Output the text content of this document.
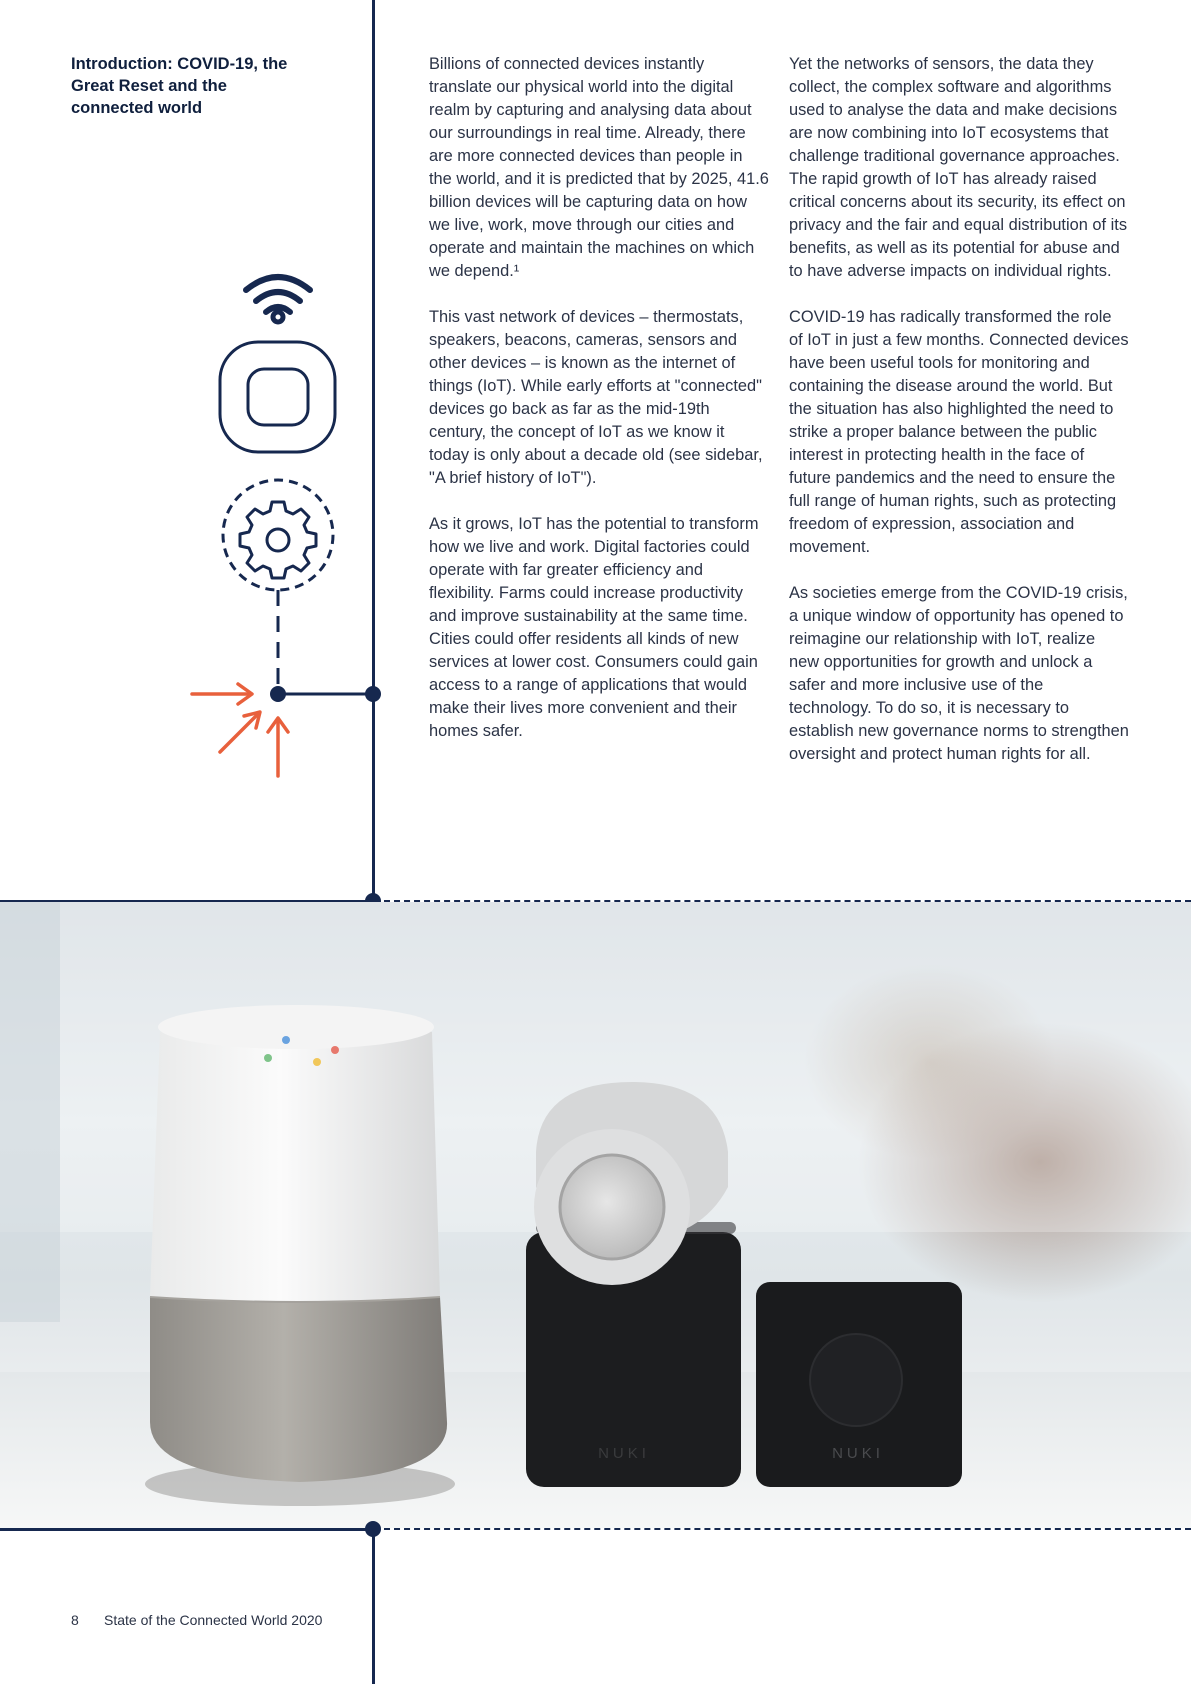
Introduction: COVID-19, the Great Reset and the connected world

Billions of connected devices instantly translate our physical world into the digital realm by capturing and analysing data about our surroundings in real time. Already, there are more connected devices than people in the world, and it is predicted that by 2025, 41.6 billion devices will be capturing data on how we live, work, move through our cities and operate and maintain the machines on which we depend.¹

This vast network of devices – thermostats, speakers, beacons, cameras, sensors and other devices – is known as the internet of things (IoT). While early efforts at "connected" devices go back as far as the mid-19th century, the concept of IoT as we know it today is only about a decade old (see sidebar, "A brief history of IoT").

As it grows, IoT has the potential to transform how we live and work. Digital factories could operate with far greater efficiency and flexibility. Farms could increase productivity and improve sustainability at the same time. Cities could offer residents all kinds of new services at lower cost. Consumers could gain access to a range of applications that would make their lives more convenient and their homes safer.

Yet the networks of sensors, the data they collect, the complex software and algorithms used to analyse the data and make decisions are now combining into IoT ecosystems that challenge traditional governance approaches. The rapid growth of IoT has already raised critical concerns about its security, its effect on privacy and the fair and equal distribution of its benefits, as well as its potential for abuse and to have adverse impacts on individual rights.

COVID-19 has radically transformed the role of IoT in just a few months. Connected devices have been useful tools for monitoring and containing the disease around the world. But the situation has also highlighted the need to strike a proper balance between the public interest in protecting health in the face of future pandemics and the need to ensure the full range of human rights, such as protecting freedom of expression, association and movement.

As societies emerge from the COVID-19 crisis, a unique window of opportunity has opened to reimagine our relationship with IoT, realize new opportunities for growth and unlock a safer and more inclusive use of the technology. To do so, it is necessary to establish new governance norms to strengthen oversight and protect human rights for all.

NUKI	NUKI
8 State of the Connected World 2020
